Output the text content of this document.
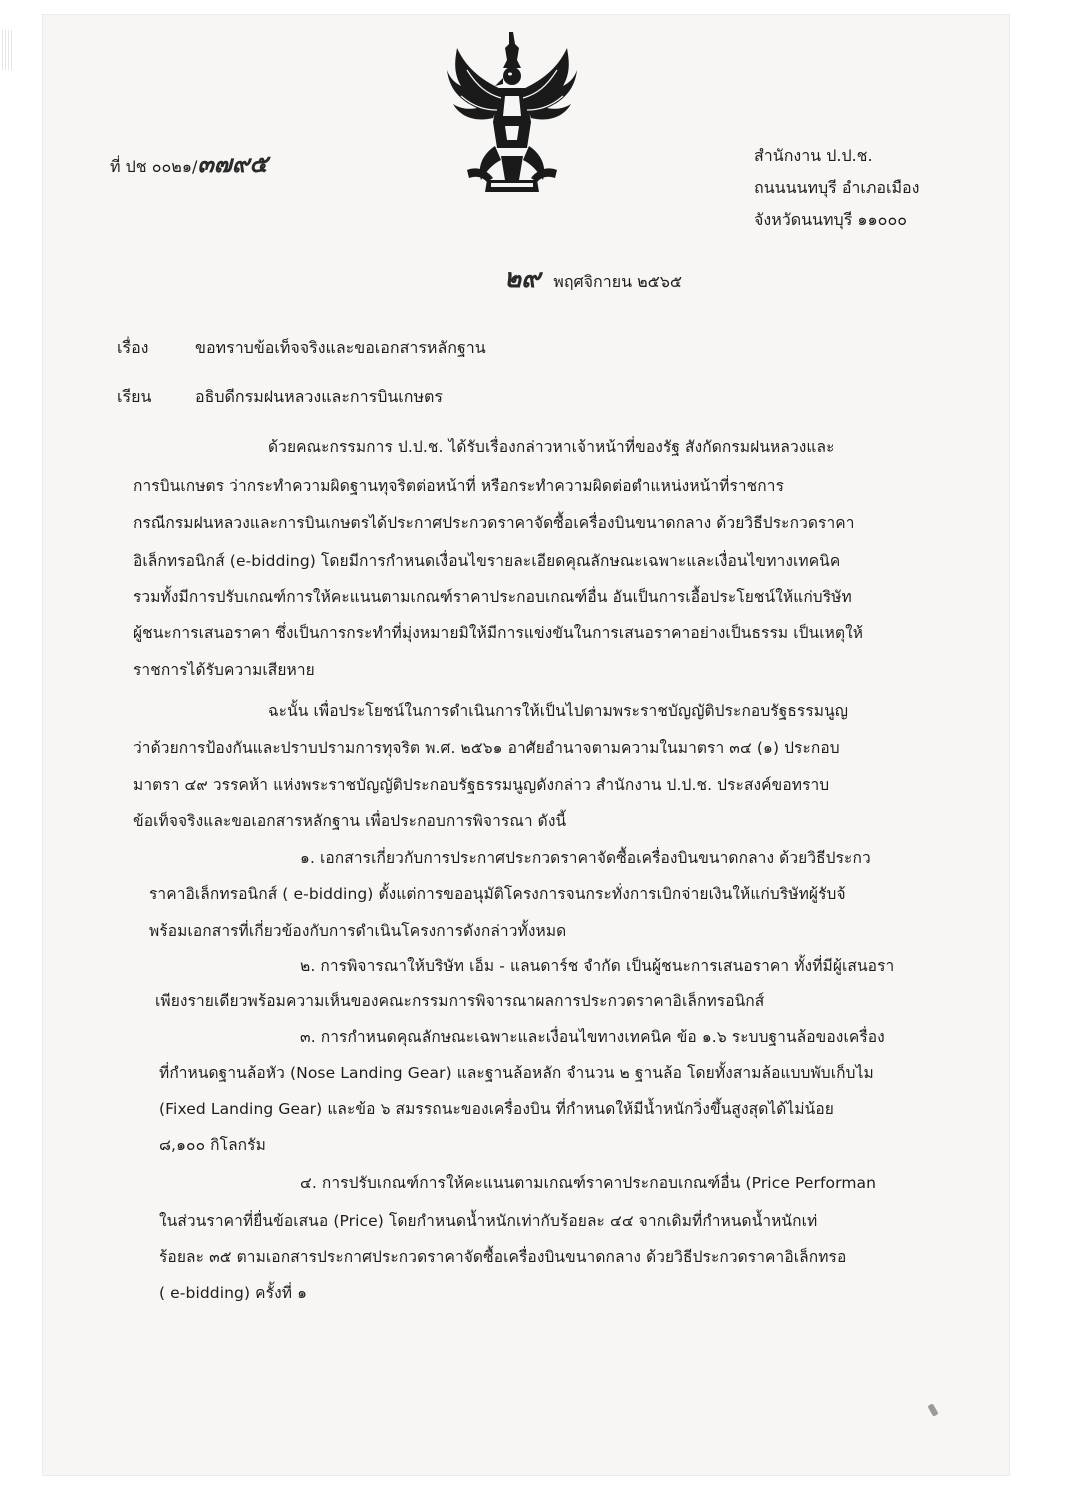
ที่ ปช ๐๐๒๑/๓๗๙๕	สำนักงาน ป.ป.ช.
ถนนนนทบุรี อำเภอเมือง
จังหวัดนนทบุรี ๑๑๐๐๐
๒๙ พฤศจิกายน ๒๕๖๕
เรื่อง	ขอทราบข้อเท็จจริงและขอเอกสารหลักฐาน
เรียน	อธิบดีกรมฝนหลวงและการบินเกษตร
ด้วยคณะกรรมการ ป.ป.ช. ได้รับเรื่องกล่าวหาเจ้าหน้าที่ของรัฐ สังกัดกรมฝนหลวงและ
การบินเกษตร ว่ากระทำความผิดฐานทุจริตต่อหน้าที่ หรือกระทำความผิดต่อตำแหน่งหน้าที่ราชการ
กรณีกรมฝนหลวงและการบินเกษตรได้ประกาศประกวดราคาจัดซื้อเครื่องบินขนาดกลาง ด้วยวิธีประกวดราคา
อิเล็กทรอนิกส์ (e-bidding) โดยมีการกำหนดเงื่อนไขรายละเอียดคุณลักษณะเฉพาะและเงื่อนไขทางเทคนิค
รวมทั้งมีการปรับเกณฑ์การให้คะแนนตามเกณฑ์ราคาประกอบเกณฑ์อื่น อันเป็นการเอื้อประโยชน์ให้แก่บริษัท
ผู้ชนะการเสนอราคา ซึ่งเป็นการกระทำที่มุ่งหมายมิให้มีการแข่งขันในการเสนอราคาอย่างเป็นธรรม เป็นเหตุให้
ราชการได้รับความเสียหาย
ฉะนั้น เพื่อประโยชน์ในการดำเนินการให้เป็นไปตามพระราชบัญญัติประกอบรัฐธรรมนูญ
ว่าด้วยการป้องกันและปราบปรามการทุจริต พ.ศ. ๒๕๖๑ อาศัยอำนาจตามความในมาตรา ๓๔ (๑) ประกอบ
มาตรา ๔๙ วรรคห้า แห่งพระราชบัญญัติประกอบรัฐธรรมนูญดังกล่าว สำนักงาน ป.ป.ช. ประสงค์ขอทราบ
ข้อเท็จจริงและขอเอกสารหลักฐาน เพื่อประกอบการพิจารณา ดังนี้
๑. เอกสารเกี่ยวกับการประกาศประกวดราคาจัดซื้อเครื่องบินขนาดกลาง ด้วยวิธีประกว
ราคาอิเล็กทรอนิกส์ ( e-bidding) ตั้งแต่การขออนุมัติโครงการจนกระทั่งการเบิกจ่ายเงินให้แก่บริษัทผู้รับจ้
พร้อมเอกสารที่เกี่ยวข้องกับการดำเนินโครงการดังกล่าวทั้งหมด
๒. การพิจารณาให้บริษัท เอ็ม - แลนดาร์ช จำกัด เป็นผู้ชนะการเสนอราคา ทั้งที่มีผู้เสนอรา
เพียงรายเดียวพร้อมความเห็นของคณะกรรมการพิจารณาผลการประกวดราคาอิเล็กทรอนิกส์
๓. การกำหนดคุณลักษณะเฉพาะและเงื่อนไขทางเทคนิค ข้อ ๑.๖ ระบบฐานล้อของเครื่อง
ที่กำหนดฐานล้อหัว (Nose Landing Gear) และฐานล้อหลัก จำนวน ๒ ฐานล้อ โดยทั้งสามล้อแบบพับเก็บไม
(Fixed Landing Gear) และข้อ ๖ สมรรถนะของเครื่องบิน ที่กำหนดให้มีน้ำหนักวิ่งขึ้นสูงสุดได้ไม่น้อย
๘,๑๐๐ กิโลกรัม
๔. การปรับเกณฑ์การให้คะแนนตามเกณฑ์ราคาประกอบเกณฑ์อื่น (Price Performan
ในส่วนราคาที่ยื่นข้อเสนอ (Price) โดยกำหนดน้ำหนักเท่ากับร้อยละ ๔๔ จากเดิมที่กำหนดน้ำหนักเท่
ร้อยละ ๓๕ ตามเอกสารประกาศประกวดราคาจัดซื้อเครื่องบินขนาดกลาง ด้วยวิธีประกวดราคาอิเล็กทรอ
( e-bidding) ครั้งที่ ๑
